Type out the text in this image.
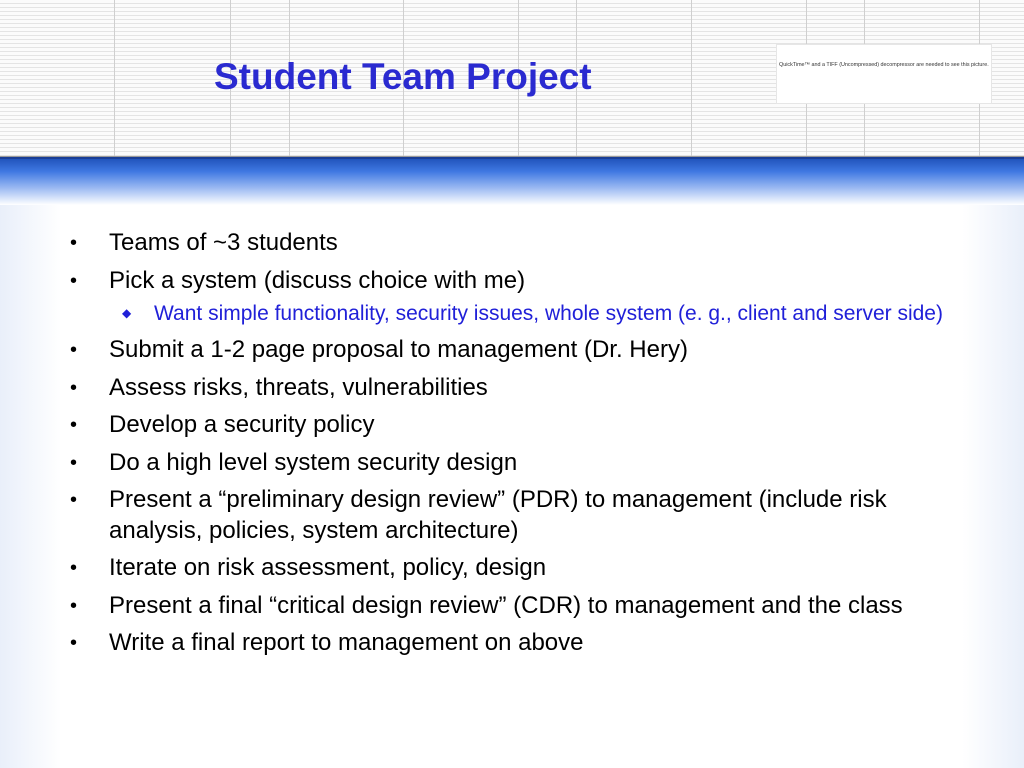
Student Team Project	QuickTime™ and a TIFF (Uncompressed) decompressor are needed to see this picture.
• Teams of ~3 students
• Pick a system (discuss choice with me)
◆ Want simple functionality, security issues, whole system (e. g., client and server side)
• Submit a 1-2 page proposal to management (Dr. Hery)
• Assess risks, threats, vulnerabilities
• Develop a security policy
• Do a high level system security design
• Present a “preliminary design review” (PDR) to management (include risk analysis, policies, system architecture)
• Iterate on risk assessment, policy, design
• Present a final “critical design review” (CDR) to management and the class
• Write a final report to management on above
